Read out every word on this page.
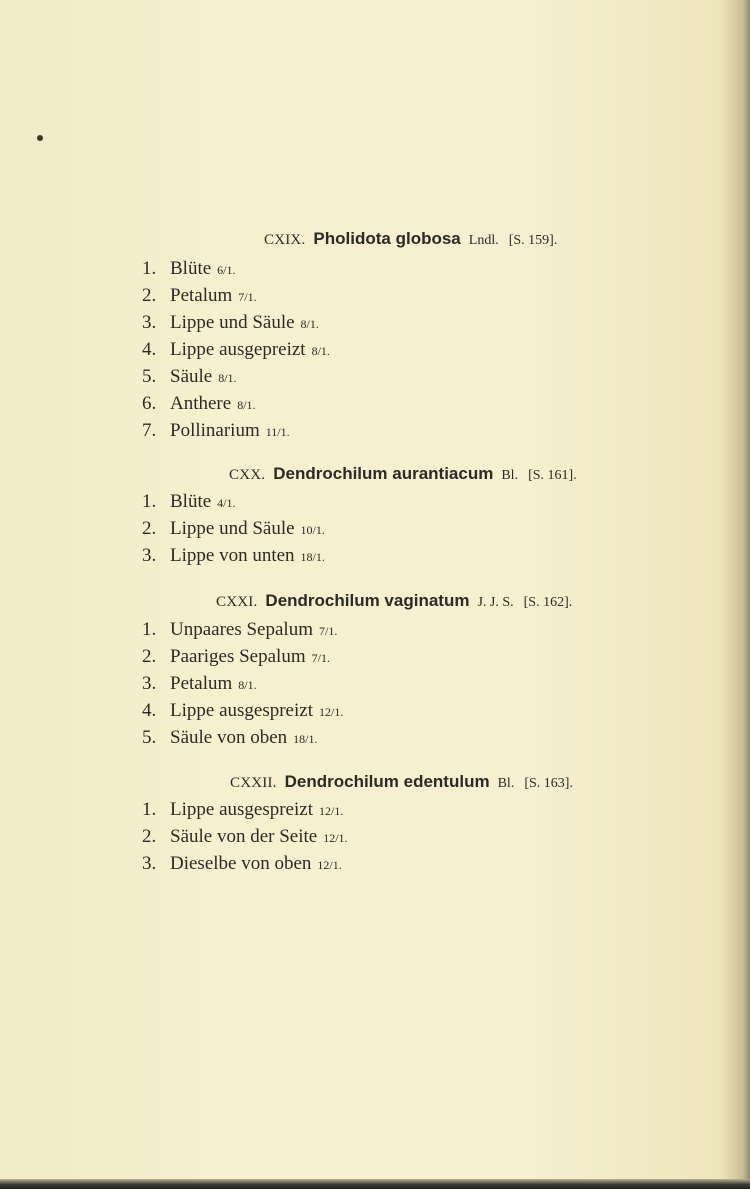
CXIX. Pholidota globosa Lndl. [S. 159].
1. Blüte 6/1.
2. Petalum 7/1.
3. Lippe und Säule 8/1.
4. Lippe ausgepreizt 8/1.
5. Säule 8/1.
6. Anthere 8/1.
7. Pollinarium 11/1.
CXX. Dendrochilum aurantiacum Bl. [S. 161].
1. Blüte 4/1.
2. Lippe und Säule 10/1.
3. Lippe von unten 18/1.
CXXI. Dendrochilum vaginatum J. J. S. [S. 162].
1. Unpaares Sepalum 7/1.
2. Paariges Sepalum 7/1.
3. Petalum 8/1.
4. Lippe ausgespreizt 12/1.
5. Säule von oben 18/1.
CXXII. Dendrochilum edentulum Bl. [S. 163].
1. Lippe ausgespreizt 12/1.
2. Säule von der Seite 12/1.
3. Dieselbe von oben 12/1.
